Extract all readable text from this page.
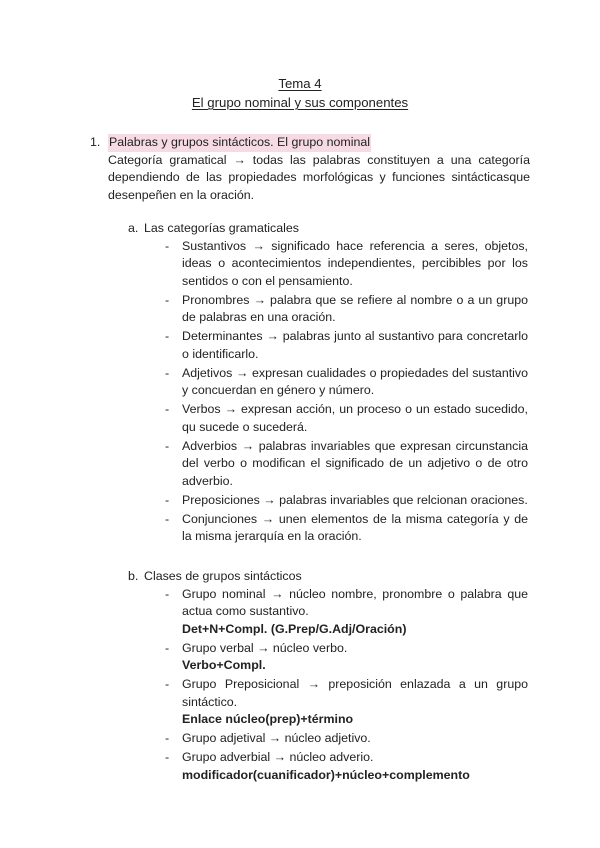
Tema 4
El grupo nominal y sus componentes
1. Palabras y grupos sintácticos. El grupo nominal
Categoría gramatical → todas las palabras constituyen a una categoría dependiendo de las propiedades morfológicas y funciones sintácticasque desenpeñen en la oración.
a. Las categorías gramaticales
- Sustantivos → significado hace referencia a seres, objetos, ideas o acontecimientos independientes, percibibles por los sentidos o con el pensamiento.
- Pronombres → palabra que se refiere al nombre o a un grupo de palabras en una oración.
- Determinantes → palabras junto al sustantivo para concretarlo o identificarlo.
- Adjetivos → expresan cualidades o propiedades del sustantivo y concuerdan en género y número.
- Verbos → expresan acción, un proceso o un estado sucedido, qu sucede o sucederá.
- Adverbios → palabras invariables que expresan circunstancia del verbo o modifican el significado de un adjetivo o de otro adverbio.
- Preposiciones → palabras invariables que relcionan oraciones.
- Conjunciones → unen elementos de la misma categoría y de la misma jerarquía en la oración.
b. Clases de grupos sintácticos
- Grupo nominal → núcleo nombre, pronombre o palabra que actua como sustantivo.
Det+N+Compl. (G.Prep/G.Adj/Oración)
- Grupo verbal → núcleo verbo.
Verbo+Compl.
- Grupo Preposicional → preposición enlazada a un grupo sintáctico.
Enlace núcleo(prep)+término
- Grupo adjetival → núcleo adjetivo.
- Grupo adverbial → núcleo adverio.
modificador(cuanificador)+núcleo+complemento
